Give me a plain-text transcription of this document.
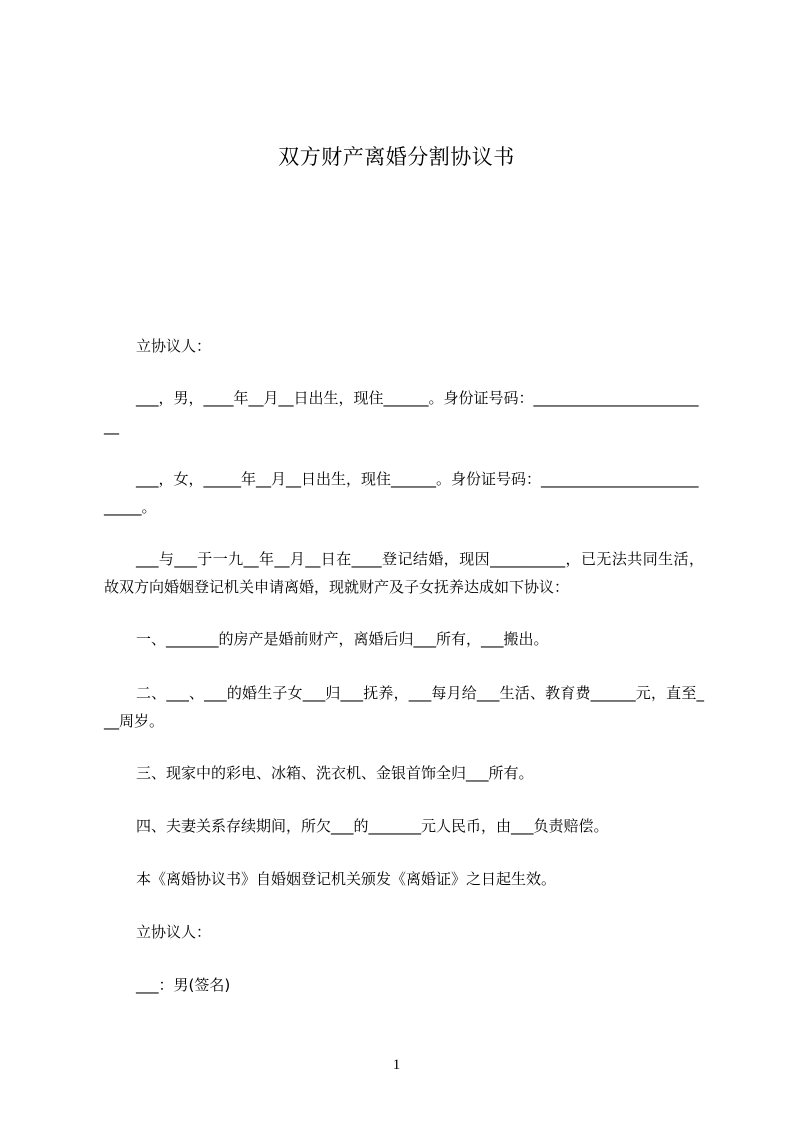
双方财产离婚分割协议书

立协议人：

___，男，____年__月__日出生，现住______。身份证号码：________________________

___，女，_____年__月__日出生，现住______。身份证号码：__________________________。

___与___于一九__年__月__日在____登记结婚，现因__________，已无法共同生活，故双方向婚姻登记机关申请离婚，现就财产及子女抚养达成如下协议：

一、_______的房产是婚前财产，离婚后归___所有，___搬出。

二、___、___的婚生子女___归___抚养，___每月给___生活、教育费______元，直至___周岁。

三、现家中的彩电、冰箱、洗衣机、金银首饰全归___所有。

四、夫妻关系存续期间，所欠___的_______元人民币，由___负责赔偿。

本《离婚协议书》自婚姻登记机关颁发《离婚证》之日起生效。

立协议人：

___：男(签名)

1
